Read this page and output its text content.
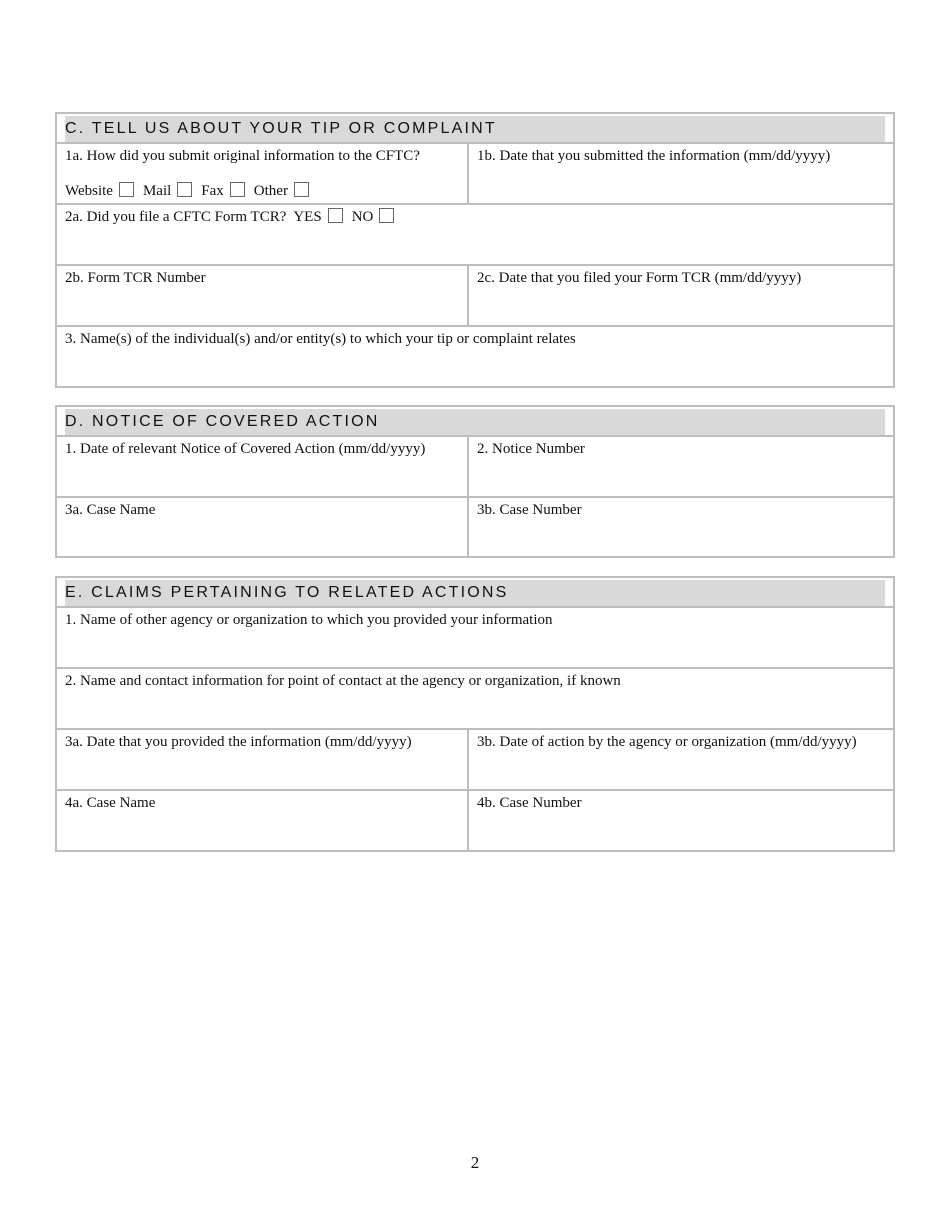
C. TELL US ABOUT YOUR TIP OR COMPLAINT
1a. How did you submit original information to the CFTC?
Website Mail Fax Other
1b. Date that you submitted the information (mm/dd/yyyy)
2a. Did you file a CFTC Form TCR? YES NO
2b. Form TCR Number	2c. Date that you filed your Form TCR (mm/dd/yyyy)
3. Name(s) of the individual(s) and/or entity(s) to which your tip or complaint relates
D. NOTICE OF COVERED ACTION
1. Date of relevant Notice of Covered Action (mm/dd/yyyy)	2. Notice Number
3a. Case Name	3b. Case Number
E. CLAIMS PERTAINING TO RELATED ACTIONS
1. Name of other agency or organization to which you provided your information
2. Name and contact information for point of contact at the agency or organization, if known
3a. Date that you provided the information (mm/dd/yyyy)	3b. Date of action by the agency or organization (mm/dd/yyyy)
4a. Case Name	4b. Case Number
2
